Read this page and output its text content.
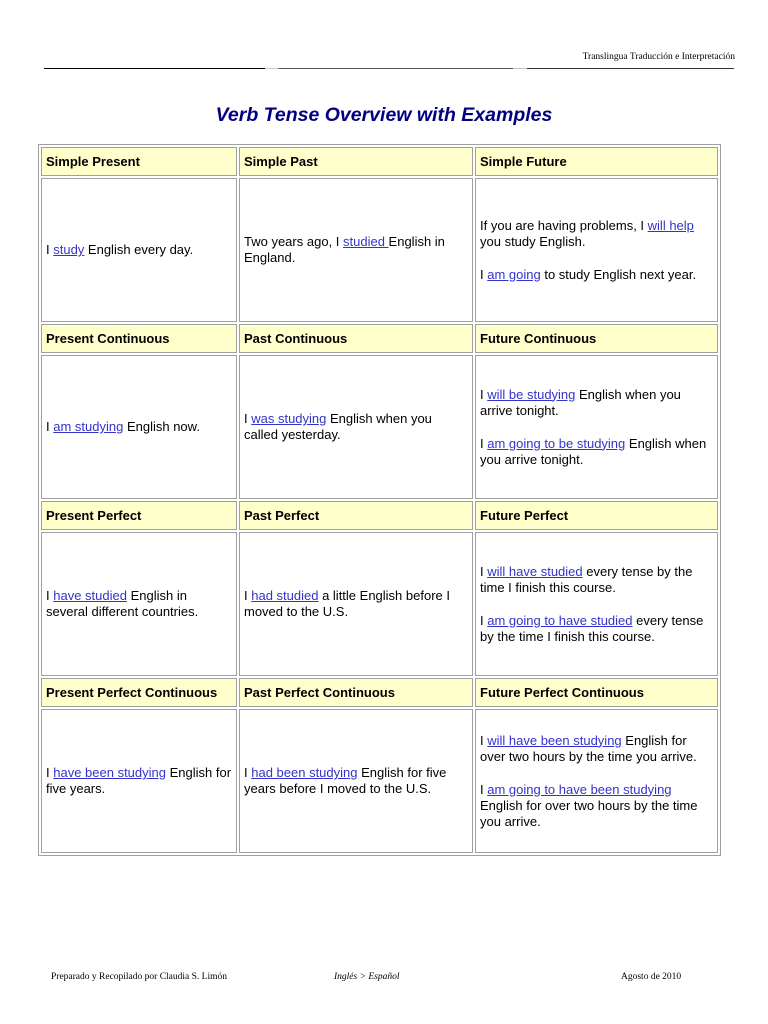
Translingua Traducción e Interpretación
Verb Tense Overview with Examples
Simple Present	Simple Past	Simple Future

I study English every day.	Two years ago, I studied English in England.	If you are having problems, I will help you study English.
I am going to study English next year.

Present Continuous	Past Continuous	Future Continuous

I am studying English now.	I was studying English when you called yesterday.	I will be studying English when you arrive tonight.
I am going to be studying English when you arrive tonight.

Present Perfect	Past Perfect	Future Perfect

I have studied English in several different countries.	I had studied a little English before I moved to the U.S.	I will have studied every tense by the time I finish this course.
I am going to have studied every tense by the time I finish this course.

Present Perfect Continuous	Past Perfect Continuous	Future Perfect Continuous

I have been studying English for five years.	I had been studying English for five years before I moved to the U.S.	I will have been studying English for over two hours by the time you arrive.
I am going to have been studying English for over two hours by the time you arrive.
Preparado y Recopilado por Claudia S. Limón	Inglés > Español	Agosto de 2010
